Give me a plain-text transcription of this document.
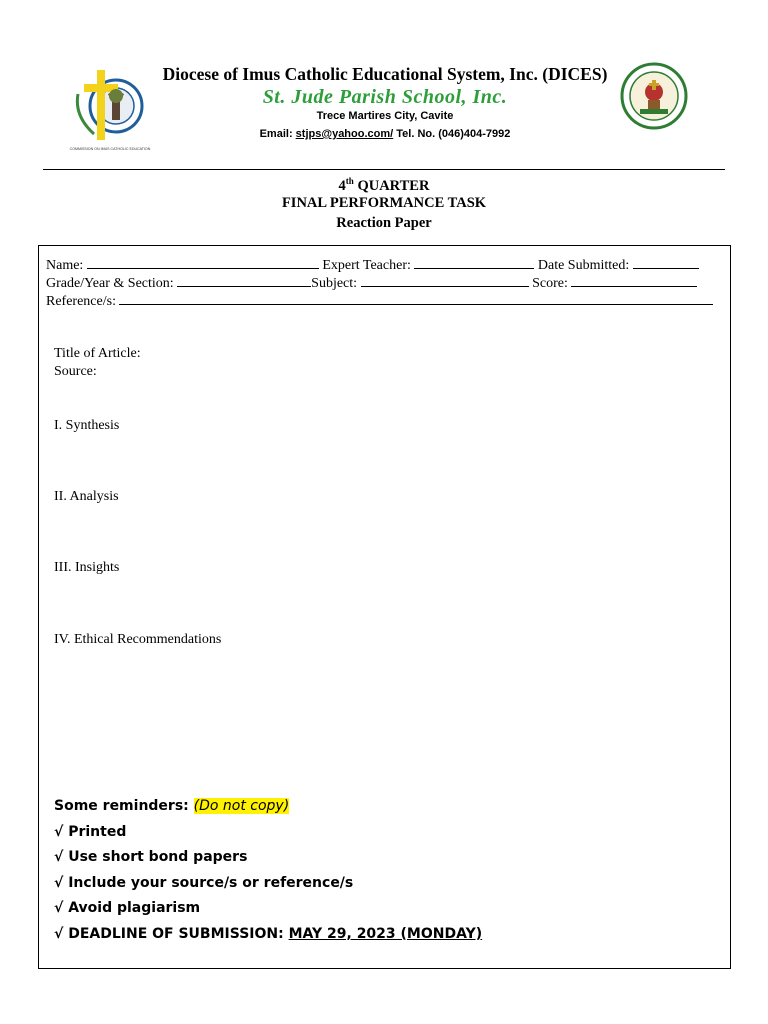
COMMISSION ON IMUS CATHOLIC EDUCATION
Diocese of Imus Catholic Educational System, Inc. (DICES)
St. Jude Parish School, Inc.
Trece Martires City, Cavite
Email: stjps@yahoo.com/ Tel. No. (046)404-7992
4th QUARTER
FINAL PERFORMANCE TASK
Reaction Paper
Name:	Expert Teacher:	Date Submitted:
Grade/Year & Section:	Subject:	Score:
Reference/s:
Title of Article:
Source:
I. Synthesis
II. Analysis
III. Insights
IV. Ethical Recommendations
Some reminders: (Do not copy)
√ Printed
√ Use short bond papers
√ Include your source/s or reference/s
√ Avoid plagiarism
√ DEADLINE OF SUBMISSION: MAY 29, 2023 (MONDAY)
